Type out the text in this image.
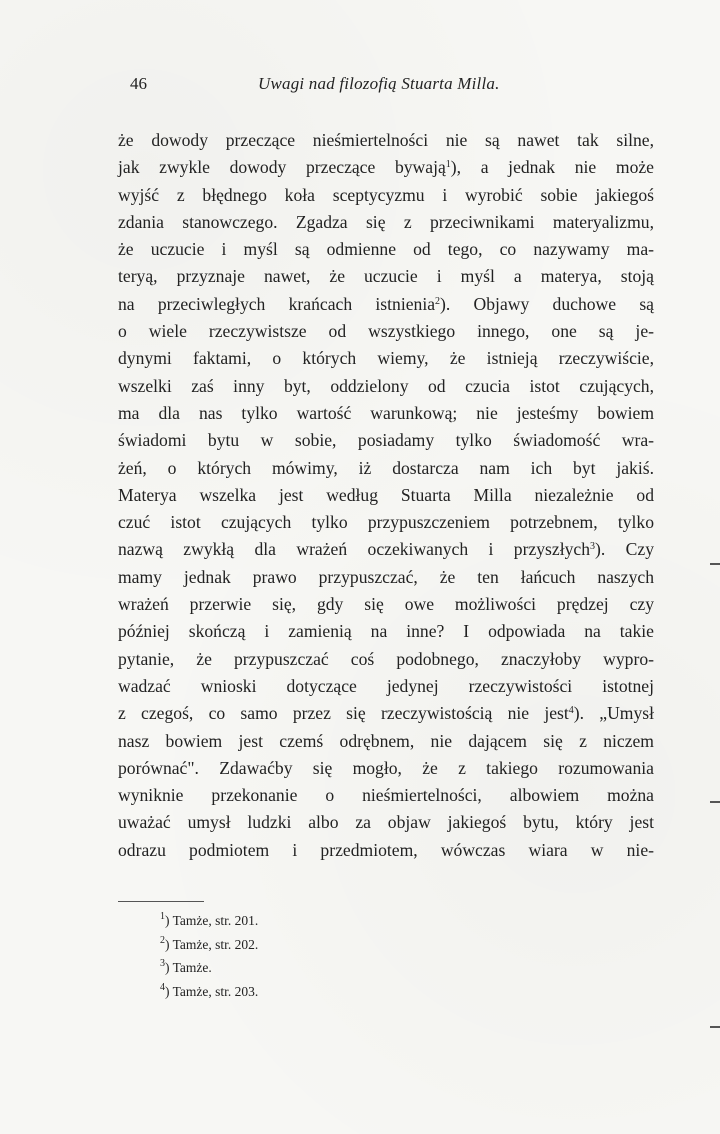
46	Uwagi nad filozofią Stuarta Milla.
że dowody przeczące nieśmiertelności nie są nawet tak silne,
jak zwykle dowody przeczące bywają$^1$), a jednak nie może
wyjść z błędnego koła sceptycyzmu i wyrobić sobie jakiegoś
zdania stanowczego. Zgadza się z przeciwnikami materyalizmu,
że uczucie i myśl są odmienne od tego, co nazywamy ma-
teryą, przyznaje nawet, że uczucie i myśl a materya, stoją
na przeciwległych krańcach istnienia$^2$). Objawy duchowe są
o wiele rzeczywistsze od wszystkiego innego, one są je-
dynymi faktami, o których wiemy, że istnieją rzeczywiście,
wszelki zaś inny byt, oddzielony od czucia istot czujących,
ma dla nas tylko wartość warunkową; nie jesteśmy bowiem
świadomi bytu w sobie, posiadamy tylko świadomość wra-
żeń, o których mówimy, iż dostarcza nam ich byt jakiś.
Materya wszelka jest według Stuarta Milla niezależnie od
czuć istot czujących tylko przypuszczeniem potrzebnem, tylko
nazwą zwykłą dla wrażeń oczekiwanych i przyszłych$^3$). Czy
mamy jednak prawo przypuszczać, że ten łańcuch naszych
wrażeń przerwie się, gdy się owe możliwości prędzej czy
później skończą i zamienią na inne? I odpowiada na takie
pytanie, że przypuszczać coś podobnego, znaczyłoby wypro-
wadzać wnioski dotyczące jedynej rzeczywistości istotnej
z czegoś, co samo przez się rzeczywistością nie jest$^4$). „Umysł
nasz bowiem jest czemś odrębnem, nie dającem się z niczem
porównać". Zdawaćby się mogło, że z takiego rozumowania
wyniknie przekonanie o nieśmiertelności, albowiem można
uważać umysł ludzki albo za objaw jakiegoś bytu, który jest
odrazu podmiotem i przedmiotem, wówczas wiara w nie-
$^1$) Tamże, str. 201.
$^2$) Tamże, str. 202.
$^3$) Tamże.
$^4$) Tamże, str. 203.
